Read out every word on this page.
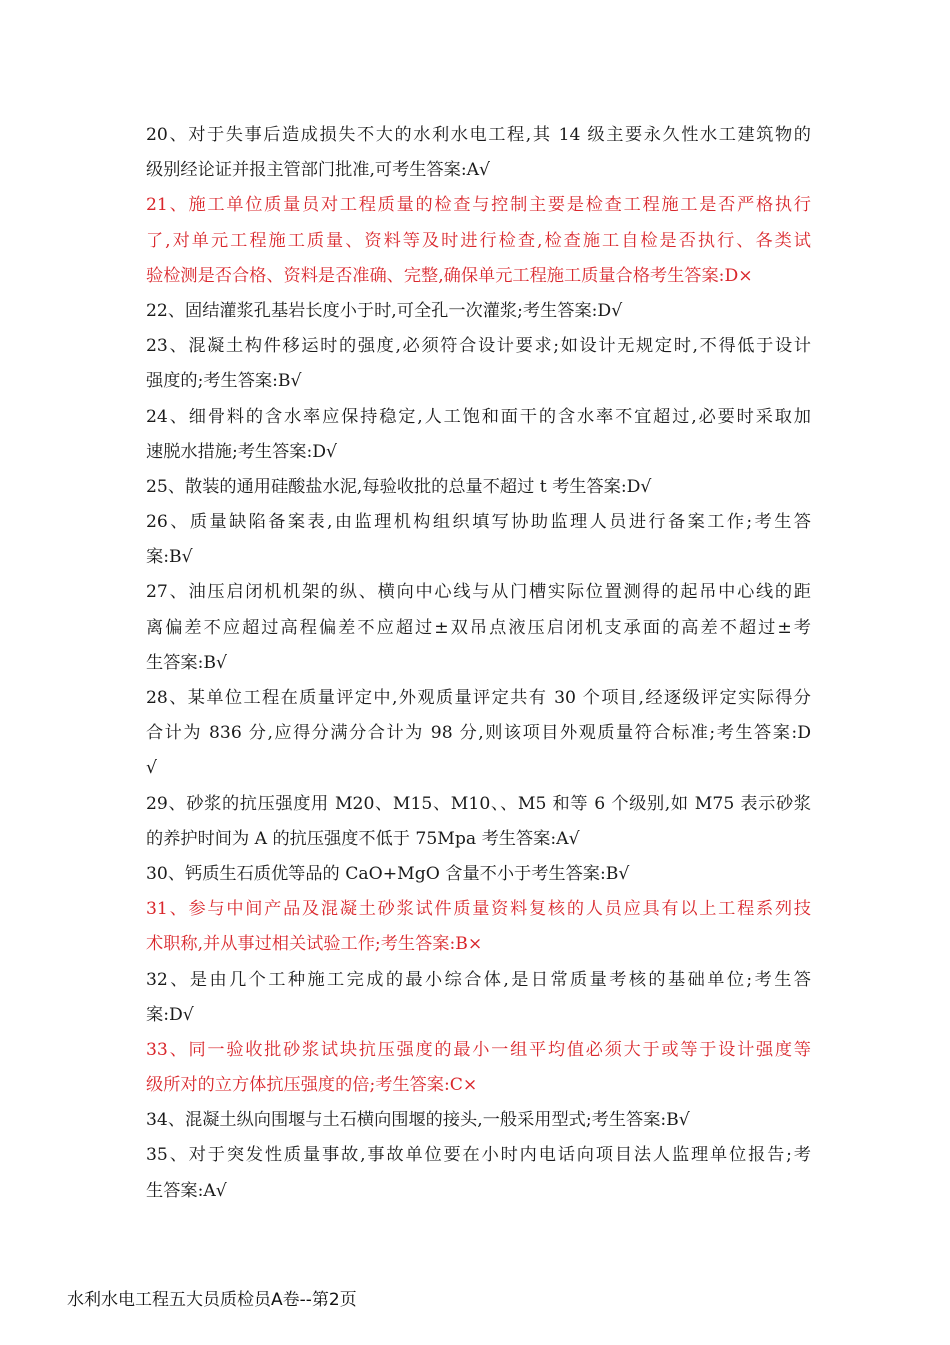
20、对于失事后造成损失不大的水利水电工程,其 14 级主要永久性水工建筑物的
级别经论证并报主管部门批准,可考生答案:A√
21、施工单位质量员对工程质量的检查与控制主要是检查工程施工是否严格执行
了,对单元工程施工质量、资料等及时进行检查,检查施工自检是否执行、各类试
验检测是否合格、资料是否准确、完整,确保单元工程施工质量合格考生答案:D×
22、固结灌浆孔基岩长度小于时,可全孔一次灌浆;考生答案:D√
23、混凝土构件移运时的强度,必须符合设计要求;如设计无规定时,不得低于设计
强度的;考生答案:B√
24、细骨料的含水率应保持稳定,人工饱和面干的含水率不宜超过,必要时采取加
速脱水措施;考生答案:D√
25、散装的通用硅酸盐水泥,每验收批的总量不超过 t 考生答案:D√
26、质量缺陷备案表,由监理机构组织填写协助监理人员进行备案工作;考生答
案:B√
27、油压启闭机机架的纵、横向中心线与从门槽实际位置测得的起吊中心线的距
离偏差不应超过高程偏差不应超过±双吊点液压启闭机支承面的高差不超过±考
生答案:B√
28、某单位工程在质量评定中,外观质量评定共有 30 个项目,经逐级评定实际得分
合计为 836 分,应得分满分合计为 98 分,则该项目外观质量符合标准;考生答案:D
√
29、砂浆的抗压强度用 M20、M15、M10、、M5 和等 6 个级别,如 M75 表示砂浆
的养护时间为 A 的抗压强度不低于 75Mpa 考生答案:A√
30、钙质生石质优等品的 CaO+MgO 含量不小于考生答案:B√
31、参与中间产品及混凝土砂浆试件质量资料复核的人员应具有以上工程系列技
术职称,并从事过相关试验工作;考生答案:B×
32、是由几个工种施工完成的最小综合体,是日常质量考核的基础单位;考生答
案:D√
33、同一验收批砂浆试块抗压强度的最小一组平均值必须大于或等于设计强度等
级所对的立方体抗压强度的倍;考生答案:C×
34、混凝土纵向围堰与土石横向围堰的接头,一般采用型式;考生答案:B√
35、对于突发性质量事故,事故单位要在小时内电话向项目法人监理单位报告;考
生答案:A√
水利水电工程五大员质检员A卷--第2页
